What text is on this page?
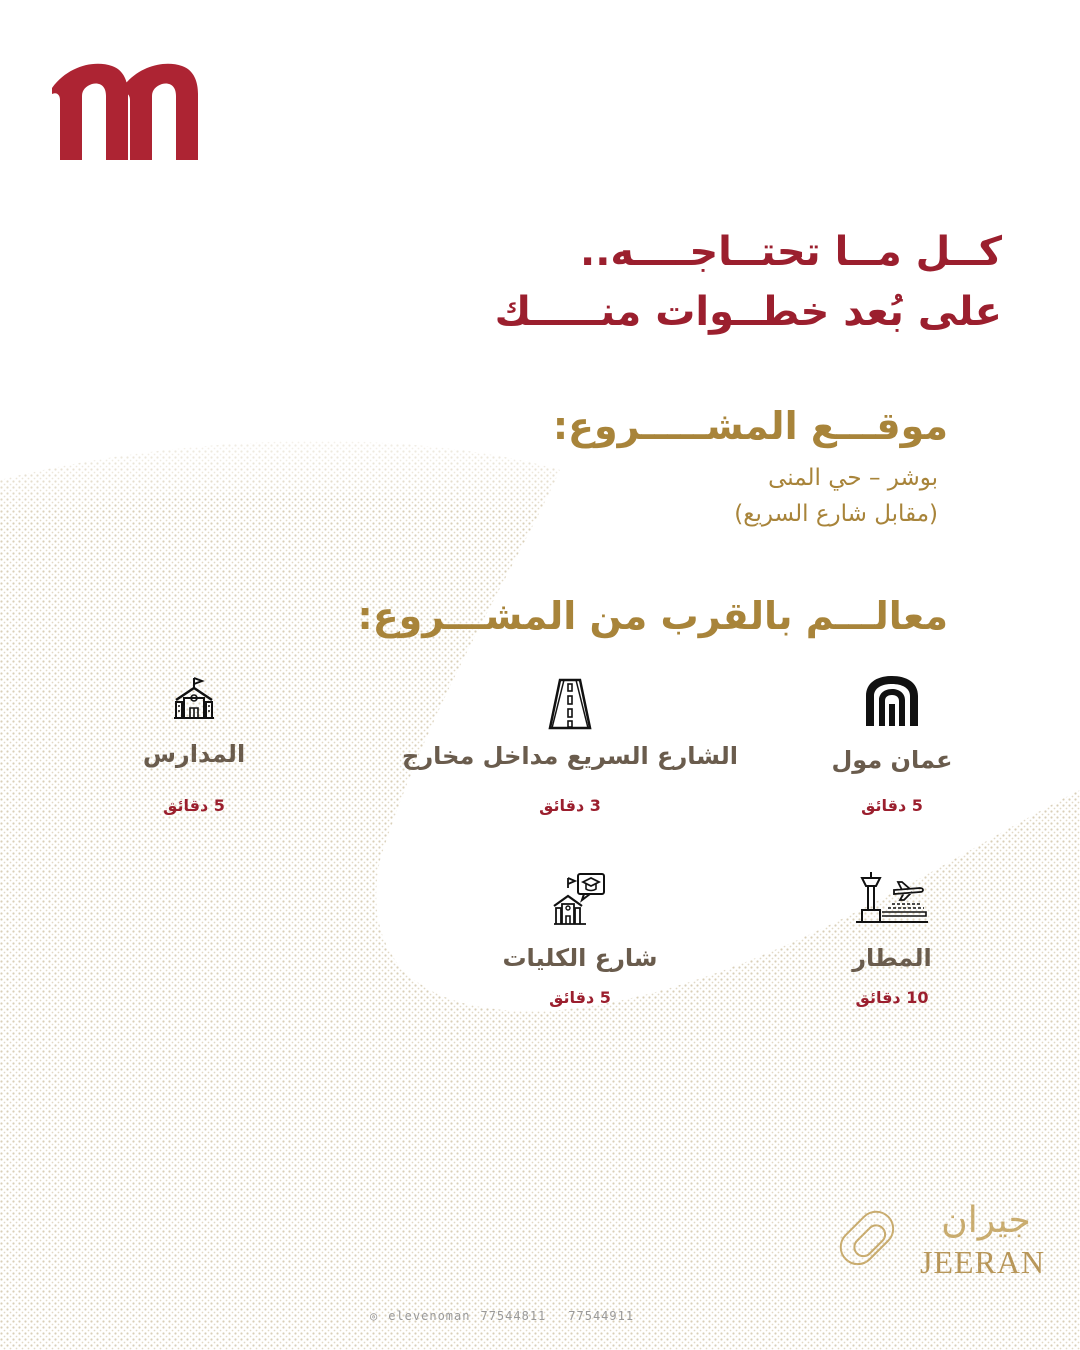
كــل مــا تحتــاجــــه..
على بُعد خطــوات منـــــك
موقـــع المشـــــروع:
بوشر – حي المنى
(مقابل شارع السريع)
معالـــم بالقرب من المشـــروع:
عمان مول
5 دقائق
الشارع السريع مداخل مخارج
3 دقائق
المدارس
5 دقائق
المطار
10 دقائق
شارع الكليات
5 دقائق
جيران
JEERAN
◎ elevenoman 77544811 77544911
